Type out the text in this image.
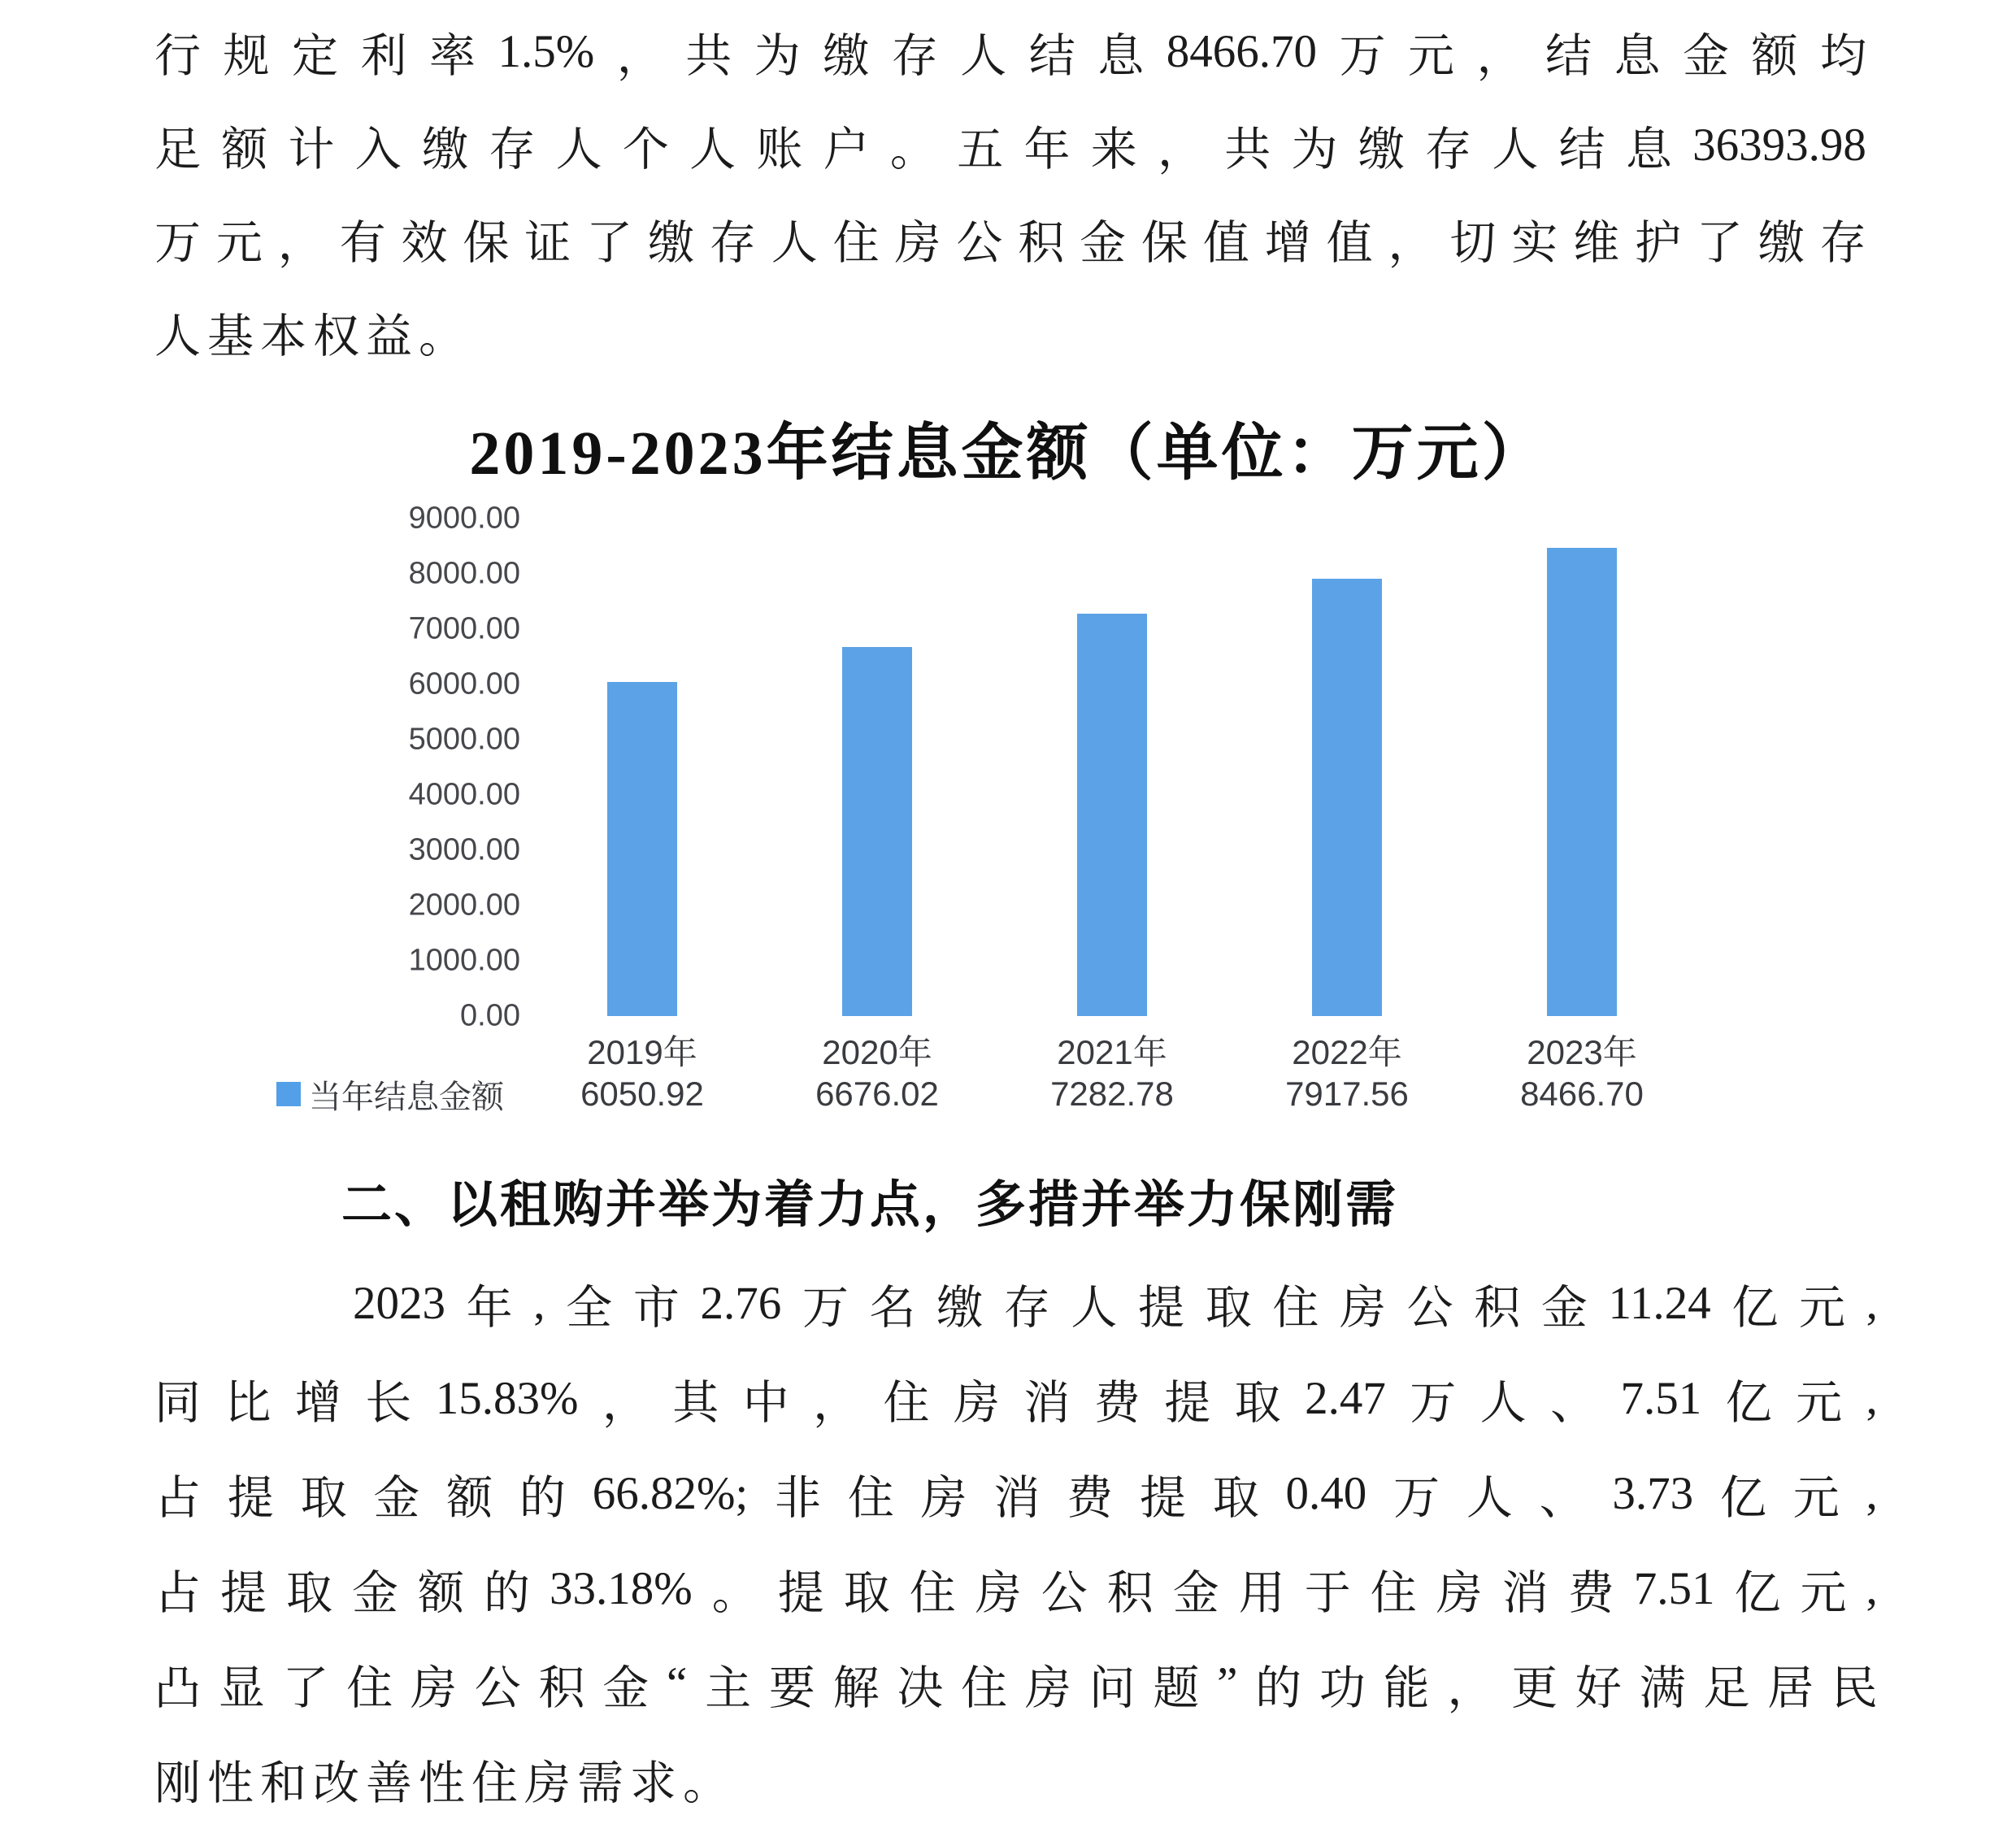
行 规 定 利 率 1.5% ， 共 为 缴 存 人 结 息 8466.70 万 元 ， 结 息 金 额 均
足 额 计 入 缴 存 人 个 人 账 户 。 五 年 来 ， 共 为 缴 存 人 结 息 36393.98
万 元 ， 有 效 保 证 了 缴 存 人 住 房 公 积 金 保 值 增 值 ， 切 实 维 护 了 缴 存
人基本权益。
2019-2023年结息金额（单位：万元）
0.00
1000.00
2000.00
3000.00
4000.00
5000.00
6000.00
7000.00
8000.00
9000.00
2019年	2020年	2021年	2022年	2023年
6050.92	6676.02	7282.78	7917.56	8466.70
当年结息金额
二、以租购并举为着力点，多措并举力保刚需
2023 年 , 全 市 2.76 万 名 缴 存 人 提 取 住 房 公 积 金 11.24 亿 元 ,
同 比 增 长 15.83% ， 其 中 ， 住 房 消 费 提 取 2.47 万 人 、 7.51 亿 元 ,
占 提 取 金 额 的 66.82%; 非 住 房 消 费 提 取 0.40 万 人 、 3.73 亿 元 ,
占 提 取 金 额 的 33.18% 。 提 取 住 房 公 积 金 用 于 住 房 消 费 7.51 亿 元 ,
凸 显 了 住 房 公 积 金 “ 主 要 解 决 住 房 问 题 ” 的 功 能 ， 更 好 满 足 居 民
刚性和改善性住房需求。
